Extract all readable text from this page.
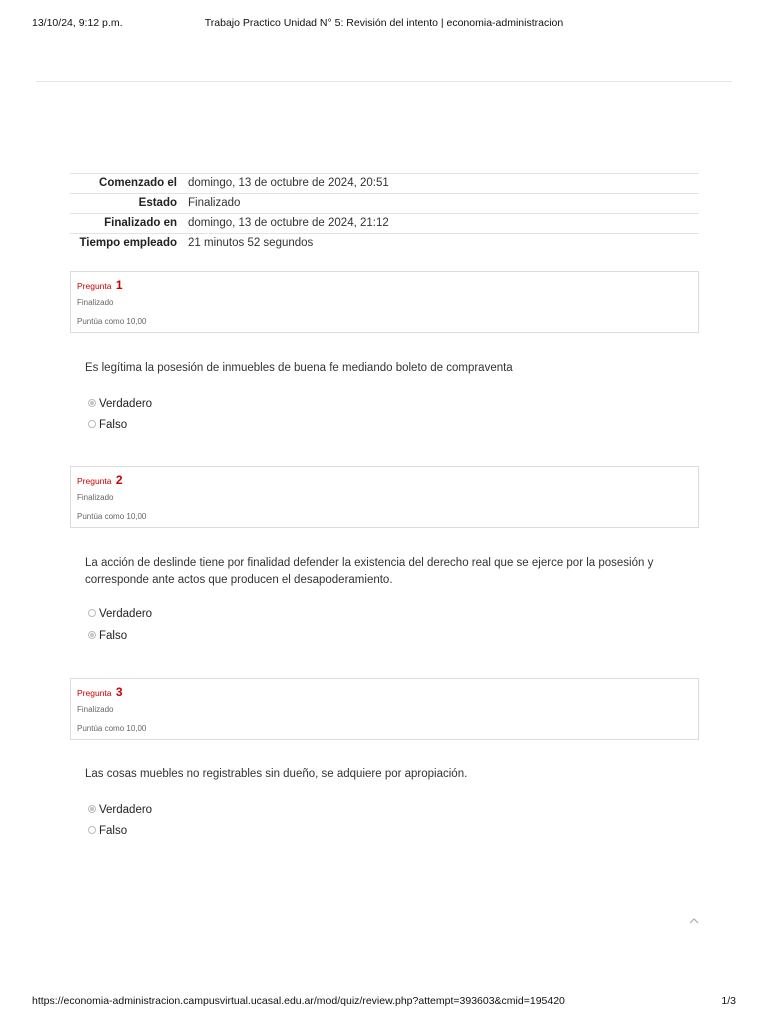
13/10/24, 9:12 p.m.	Trabajo Practico Unidad N° 5: Revisión del intento | economia-administracion
Comenzado el	domingo, 13 de octubre de 2024, 20:51
Estado	Finalizado
Finalizado en	domingo, 13 de octubre de 2024, 21:12
Tiempo empleado	21 minutos 52 segundos
Pregunta 1
Finalizado
Puntúa como 10,00
Es legítima la posesión de inmuebles de buena fe mediando boleto de compraventa
Verdadero
Falso
Pregunta 2
Finalizado
Puntúa como 10,00
La acción de deslinde tiene por finalidad defender la existencia del derecho real que se ejerce por la posesión y corresponde ante actos que producen el desapoderamiento.
Verdadero
Falso
Pregunta 3
Finalizado
Puntúa como 10,00
Las cosas muebles no registrables sin dueño, se adquiere por apropiación.
Verdadero
Falso
https://economia-administracion.campusvirtual.ucasal.edu.ar/mod/quiz/review.php?attempt=393603&cmid=195420	1/3
